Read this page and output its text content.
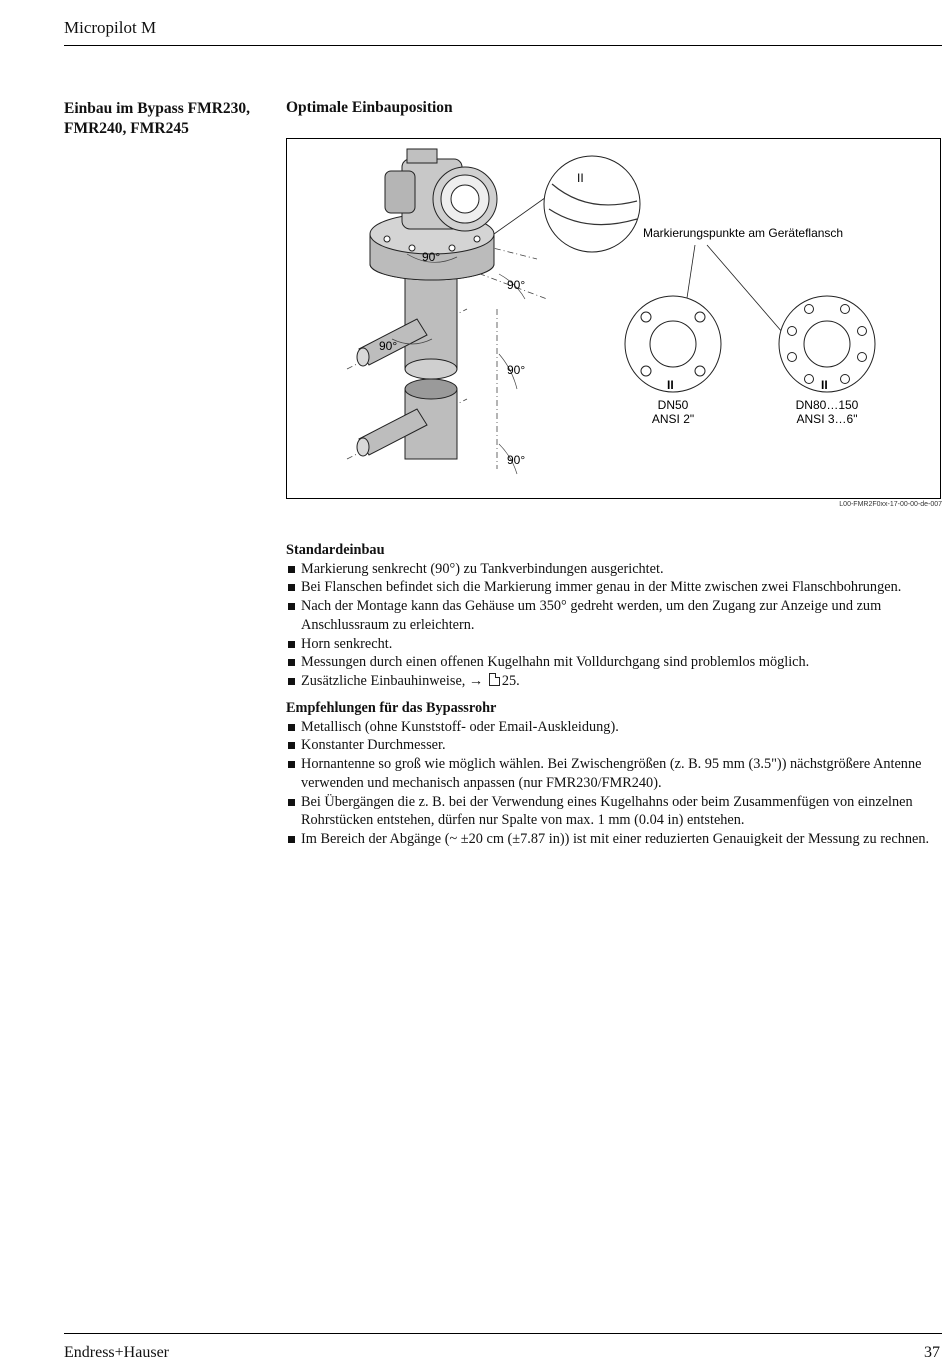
Micropilot M
Einbau im Bypass FMR230,
FMR240, FMR245
Optimale Einbauposition
II
90°
90°
90°
90°
90°
Markierungspunkte am Geräteflansch
II
DN50
ANSI 2"
II
DN80…150
ANSI 3…6"
L00-FMR2F0xx-17-00-00-de-007
Standardeinbau
Markierung senkrecht (90°) zu Tankverbindungen ausgerichtet.
Bei Flanschen befindet sich die Markierung immer genau in der Mitte zwischen zwei Flanschbohrungen.
Nach der Montage kann das Gehäuse um 350° gedreht werden, um den Zugang zur Anzeige und zum Anschlussraum zu erleichtern.
Horn senkrecht.
Messungen durch einen offenen Kugelhahn mit Volldurchgang sind problemlos möglich.
Zusätzliche Einbauhinweise, → 25.
Empfehlungen für das Bypassrohr
Metallisch (ohne Kunststoff- oder Email-Auskleidung).
Konstanter Durchmesser.
Hornantenne so groß wie möglich wählen. Bei Zwischengrößen (z. B. 95 mm (3.5")) nächstgrößere Antenne verwenden und mechanisch anpassen (nur FMR230/FMR240).
Bei Übergängen die z. B. bei der Verwendung eines Kugelhahns oder beim Zusammenfügen von einzelnen Rohrstücken entstehen, dürfen nur Spalte von max. 1 mm (0.04 in) entstehen.
Im Bereich der Abgänge (~ ±20 cm (±7.87 in)) ist mit einer reduzierten Genauigkeit der Messung zu rechnen.
Endress+Hauser	37
